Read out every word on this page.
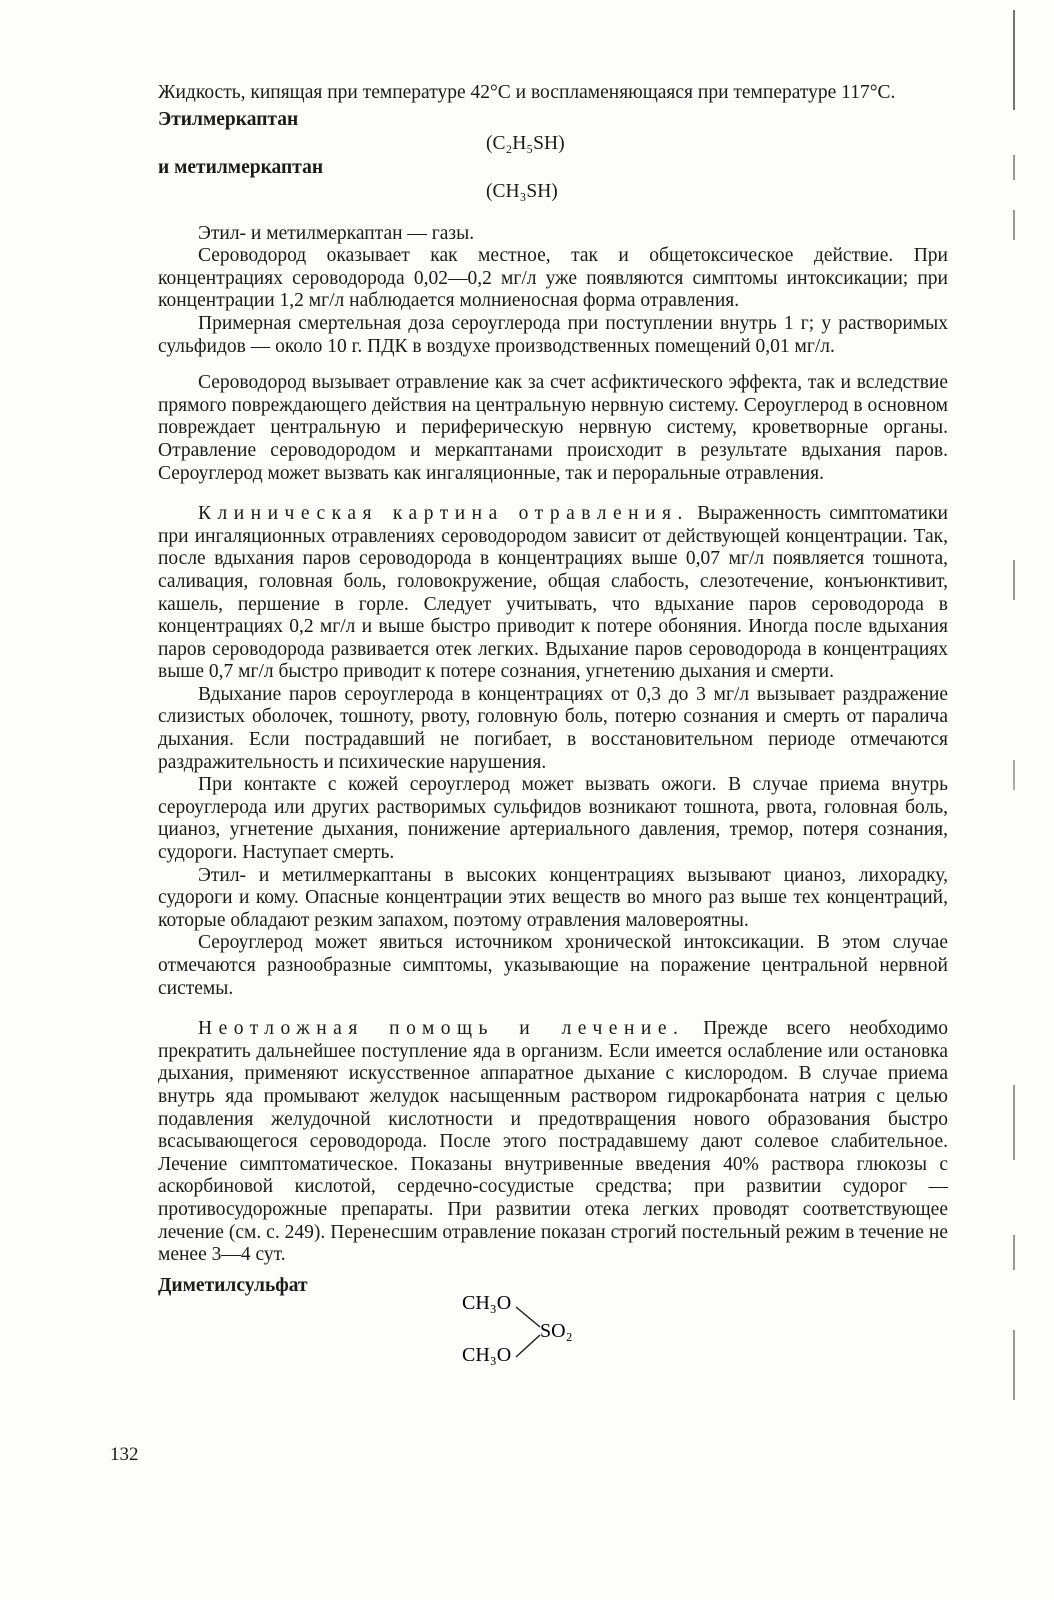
Жидкость, кипящая при температуре 42°C и воспламеняющаяся при температуре 117°C.

Этилмеркаптан
(C₂H₅SH)
и метилмеркаптан
(CH₃SH)

Этил- и метилмеркаптан — газы.

Сероводород оказывает как местное, так и общетоксическое действие. При концентрациях сероводорода 0,02—0,2 мг/л уже появляются симптомы интоксикации; при концентрации 1,2 мг/л наблюдается молниеносная форма отравления.

Примерная смертельная доза сероуглерода при поступлении внутрь 1 г; у растворимых сульфидов — около 10 г. ПДК в воздухе производственных помещений 0,01 мг/л.

Сероводород вызывает отравление как за счет асфиктического эффекта, так и вследствие прямого повреждающего действия на центральную нервную систему. Сероуглерод в основном повреждает центральную и периферическую нервную систему, кроветворные органы. Отравление сероводородом и меркаптанами происходит в результате вдыхания паров. Сероуглерод может вызвать как ингаляционные, так и пероральные отравления.

Клиническая картина отравления. Выраженность симптоматики при ингаляционных отравлениях сероводородом зависит от действующей концентрации. Так, после вдыхания паров сероводорода в концентрациях выше 0,07 мг/л появляется тошнота, саливация, головная боль, головокружение, общая слабость, слезотечение, конъюнктивит, кашель, першение в горле. Следует учитывать, что вдыхание паров сероводорода в концентрациях 0,2 мг/л и выше быстро приводит к потере обоняния. Иногда после вдыхания паров сероводорода развивается отек легких. Вдыхание паров сероводорода в концентрациях выше 0,7 мг/л быстро приводит к потере сознания, угнетению дыхания и смерти.

Вдыхание паров сероуглерода в концентрациях от 0,3 до 3 мг/л вызывает раздражение слизистых оболочек, тошноту, рвоту, головную боль, потерю сознания и смерть от паралича дыхания. Если пострадавший не погибает, в восстановительном периоде отмечаются раздражительность и психические нарушения.

При контакте с кожей сероуглерод может вызвать ожоги. В случае приема внутрь сероуглерода или других растворимых сульфидов возникают тошнота, рвота, головная боль, цианоз, угнетение дыхания, понижение артериального давления, тремор, потеря сознания, судороги. Наступает смерть.

Этил- и метилмеркаптаны в высоких концентрациях вызывают цианоз, лихорадку, судороги и кому. Опасные концентрации этих веществ во много раз выше тех концентраций, которые обладают резким запахом, поэтому отравления маловероятны.

Сероуглерод может явиться источником хронической интоксикации. В этом случае отмечаются разнообразные симптомы, указывающие на поражение центральной нервной системы.

Неотложная помощь и лечение. Прежде всего необходимо прекратить дальнейшее поступление яда в организм. Если имеется ослабление или остановка дыхания, применяют искусственное аппаратное дыхание с кислородом. В случае приема внутрь яда промывают желудок насыщенным раствором гидрокарбоната натрия с целью подавления желудочной кислотности и предотвращения нового образования быстро всасывающегося сероводорода. После этого пострадавшему дают солевое слабительное. Лечение симптоматическое. Показаны внутривенные введения 40% раствора глюкозы с аскорбиновой кислотой, сердечно-сосудистые средства; при развитии судорог — противосудорожные препараты. При развитии отека легких проводят соответствующее лечение (см. с. 249). Перенесшим отравление показан строгий постельный режим в течение не менее 3—4 сут.

Диметилсульфат
CH₃O
CH₃O
SO₂
132
